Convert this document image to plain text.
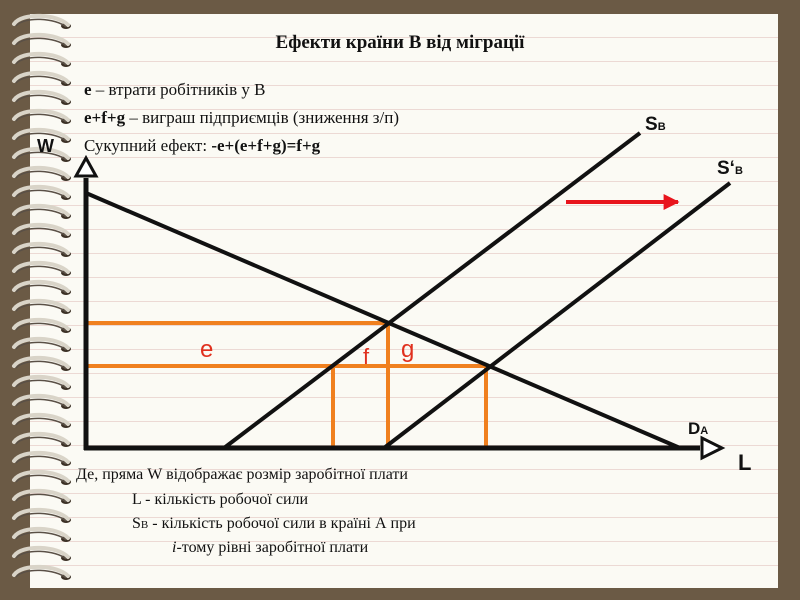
Ефекти країни В від міграції
e – втрати робітників у В
e+f+g – виграш підприємців (зниження з/п)
Сукупний ефект: -e+(e+f+g)=f+g
W
L
SB
S‘B
DA
e	f g
Де, пряма W відображає розмір заробітної плати
L - кількість робочої сили
SB - кількість робочої сили в країні А при
i-тому рівні заробітної плати
